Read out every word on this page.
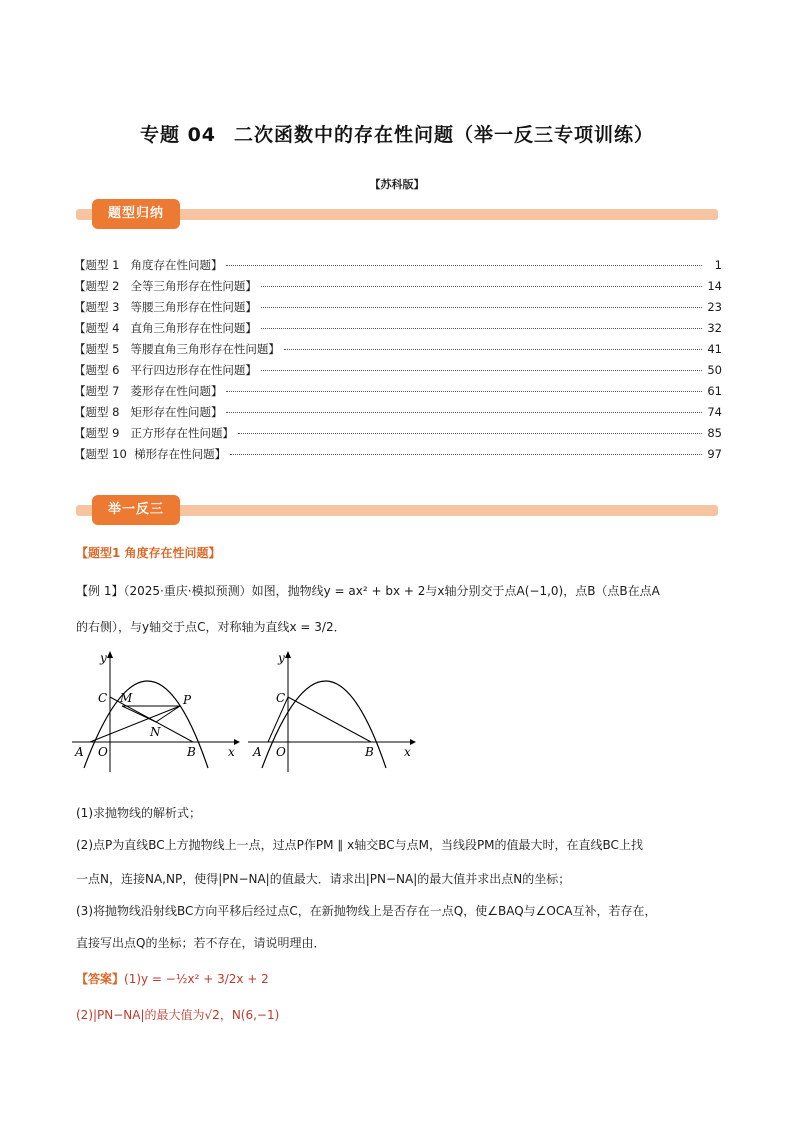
专题 04 二次函数中的存在性问题（举一反三专项训练）
【苏科版】
题型归纳
【题型 1   角度存在性问题】	1
【题型 2   全等三角形存在性问题】	14
【题型 3   等腰三角形存在性问题】	23
【题型 4   直角三角形存在性问题】	32
【题型 5   等腰直角三角形存在性问题】	41
【题型 6   平行四边形存在性问题】	50
【题型 7   菱形存在性问题】	61
【题型 8   矩形存在性问题】	74
【题型 9   正方形存在性问题】	85
【题型 10  梯形存在性问题】	97
举一反三
【题型1 角度存在性问题】
【例 1】（2025·重庆·模拟预测）如图，抛物线y = ax² + bx + 2与x轴分别交于点A(−1,0)，点B（点B在点A
的右侧），与y轴交于点C，对称轴为直线x = 3/2．
y
x
O
A	B
C M	P
N
y
x
O
A	B
C
(1)求抛物线的解析式；
(2)点P为直线BC上方抛物线上一点，过点P作PM ∥ x轴交BC与点M，当线段PM的值最大时，在直线BC上找
一点N，连接NA,NP，使得|PN−NA|的值最大．请求出|PN−NA|的最大值并求出点N的坐标；
(3)将抛物线沿射线BC方向平移后经过点C，在新抛物线上是否存在一点Q，使∠BAQ与∠OCA互补，若存在，
直接写出点Q的坐标；若不存在，请说明理由．
【答案】(1)y = −½x² + 3/2x + 2
(2)|PN−NA|的最大值为√2，N(6,−1)
